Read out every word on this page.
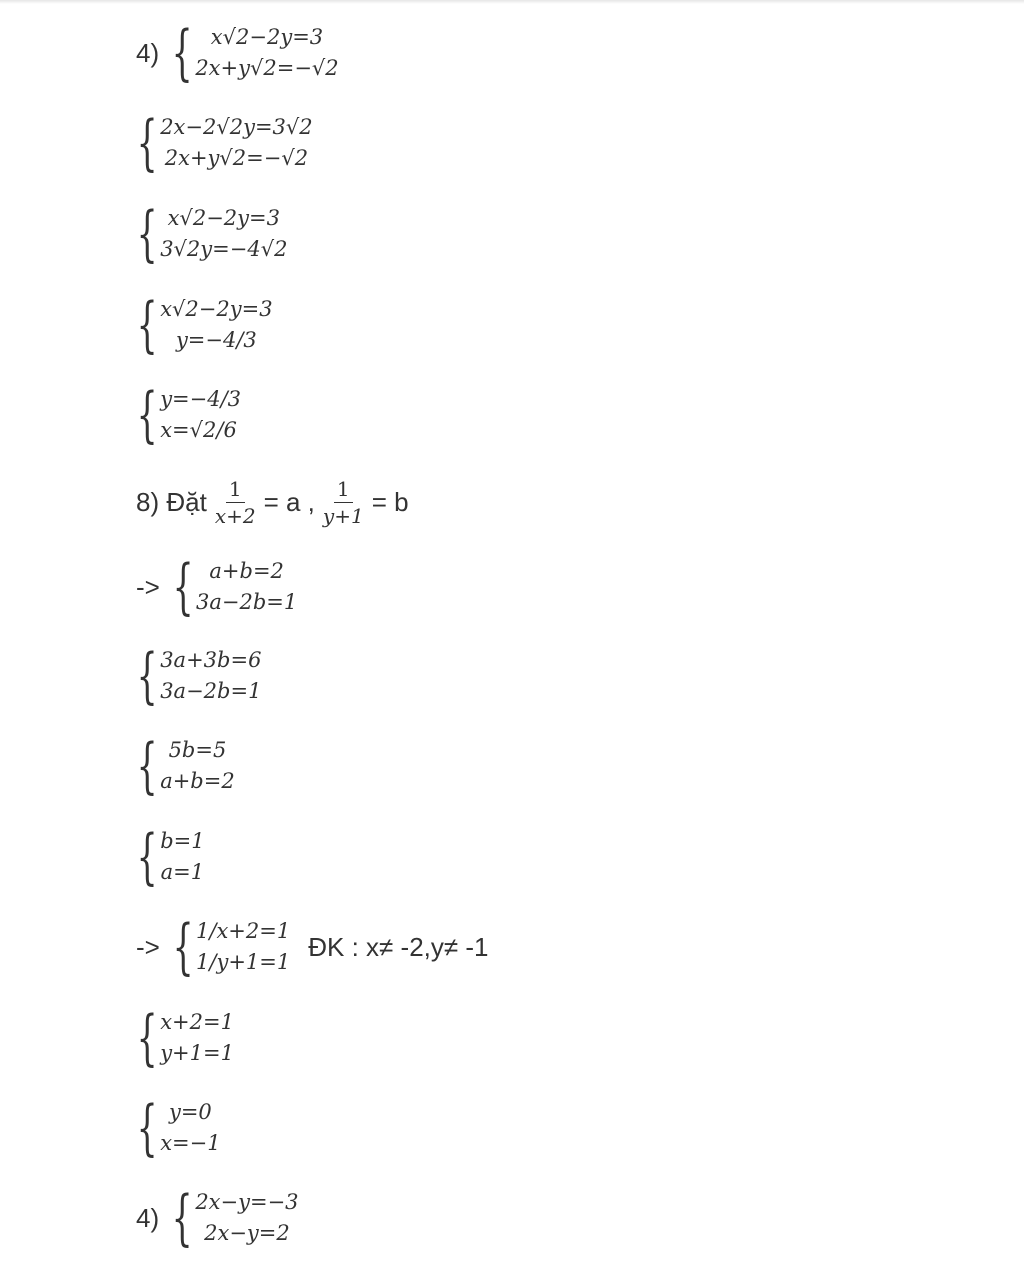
4) { x√2−2y=3
2x+y√2=−√2
{ 2x−2√2y=3√2
2x+y√2=−√2
{ x√2−2y=3
3√2y=−4√2
{ x√2−2y=3
y=−4/3
{ y=−4/3
x=√2/6
8) Đặt $\frac{1}{x+2} = a$ , $\frac{1}{y+1} = b$
-> { a+b=2
3a−2b=1
{ 3a+3b=6
3a−2b=1
{ 5b=5
a+b=2
{ b=1
a=1
-> { 1/x+2=1
1/y+1=1
ĐK : x≠ -2,y≠ -1
{ x+2=1
y+1=1
{ y=0
x=−1
4) { 2x−y=−3
2x−y=2
